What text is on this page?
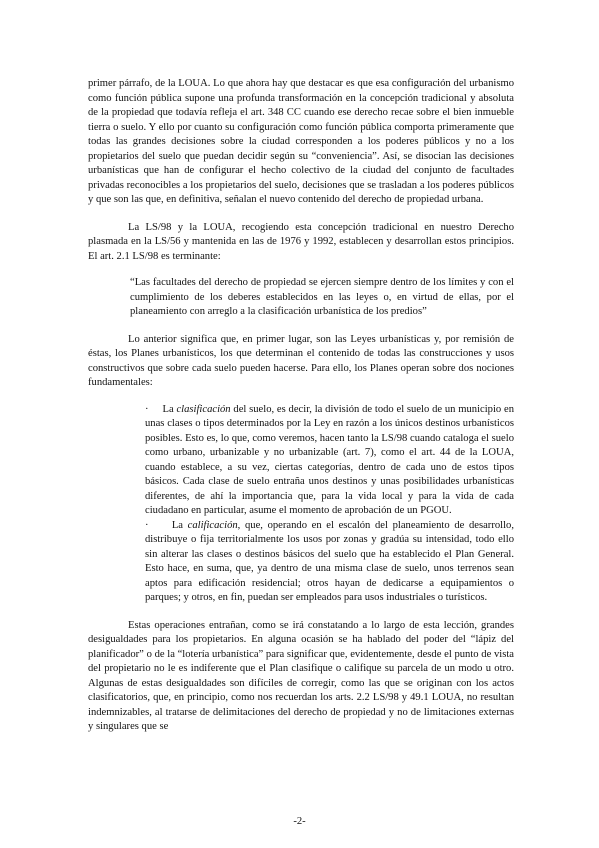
primer párrafo, de la LOUA. Lo que ahora hay que destacar es que esa configuración del urbanismo como función pública supone una profunda transformación en la concepción tradicional y absoluta de la propiedad que todavía refleja el art. 348 CC cuando ese derecho recae sobre el bien inmueble tierra o suelo. Y ello por cuanto su configuración como función pública comporta primeramente que todas las grandes decisiones sobre la ciudad corresponden a los poderes públicos y no a los propietarios del suelo que puedan decidir según su “conveniencia”. Así, se disocian las decisiones urbanísticas que han de configurar el hecho colectivo de la ciudad del conjunto de facultades privadas reconocibles a los propietarios del suelo, decisiones que se trasladan a los poderes públicos y que son las que, en definitiva, señalan el nuevo contenido del derecho de propiedad urbana.

La LS/98 y la LOUA, recogiendo esta concepción tradicional en nuestro Derecho plasmada en la LS/56 y mantenida en las de 1976 y 1992, establecen y desarrollan estos principios. El art. 2.1 LS/98 es terminante:

“Las facultades del derecho de propiedad se ejercen siempre dentro de los límites y con el cumplimiento de los deberes establecidos en las leyes o, en virtud de ellas, por el planeamiento con arreglo a la clasificación urbanística de los predios”

Lo anterior significa que, en primer lugar, son las Leyes urbanísticas y, por remisión de éstas, los Planes urbanísticos, los que determinan el contenido de todas las construcciones y usos constructivos que sobre cada suelo pueden hacerse. Para ello, los Planes operan sobre dos nociones fundamentales:

· La clasificación del suelo, es decir, la división de todo el suelo de un municipio en unas clases o tipos determinados por la Ley en razón a los únicos destinos urbanísticos posibles. Esto es, lo que, como veremos, hacen tanto la LS/98 cuando cataloga el suelo como urbano, urbanizable y no urbanizable (art. 7), como el art. 44 de la LOUA, cuando establece, a su vez, ciertas categorías, dentro de cada uno de estos tipos básicos. Cada clase de suelo entraña unos destinos y unas posibilidades urbanísticas diferentes, de ahí la importancia que, para la vida local y para la vida de cada ciudadano en particular, asume el momento de aprobación de un PGOU.
· La calificación, que, operando en el escalón del planeamiento de desarrollo, distribuye o fija territorialmente los usos por zonas y gradúa su intensidad, todo ello sin alterar las clases o destinos básicos del suelo que ha establecido el Plan General. Esto hace, en suma, que, ya dentro de una misma clase de suelo, unos terrenos sean aptos para edificación residencial; otros hayan de dedicarse a equipamientos o parques; y otros, en fin, puedan ser empleados para usos industriales o turísticos.

Estas operaciones entrañan, como se irá constatando a lo largo de esta lección, grandes desigualdades para los propietarios. En alguna ocasión se ha hablado del poder del “lápiz del planificador” o de la “lotería urbanística” para significar que, evidentemente, desde el punto de vista del propietario no le es indiferente que el Plan clasifique o califique su parcela de un modo u otro. Algunas de estas desigualdades son difíciles de corregir, como las que se originan con los actos clasificatorios, que, en principio, como nos recuerdan los arts. 2.2 LS/98 y 49.1 LOUA, no resultan indemnizables, al tratarse de delimitaciones del derecho de propiedad y no de limitaciones externas y singulares que se

-2-
